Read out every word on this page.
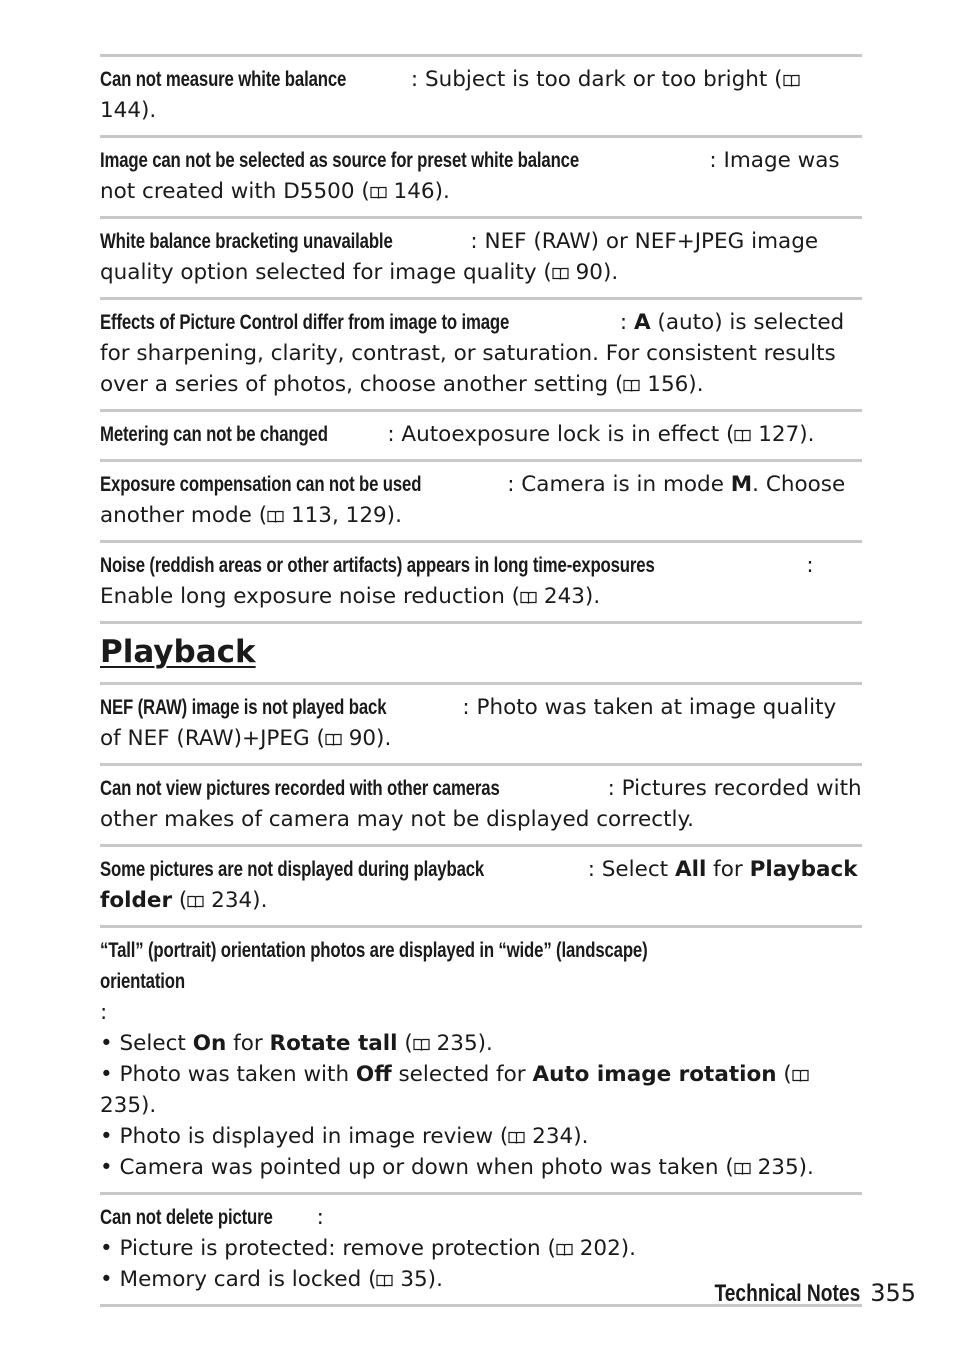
Can not measure white balance	: Subject is too dark or too bright ( 144).
Image can not be selected as source for preset white balance	: Image was not created with D5500 ( 146).
White balance bracketing unavailable	: NEF (RAW) or NEF+JPEG image quality option selected for image quality ( 90).
Effects of Picture Control differ from image to image	: A (auto) is selected for sharpening, clarity, contrast, or saturation. For consistent results over a series of photos, choose another setting ( 156).
Metering can not be changed	: Autoexposure lock is in effect ( 127).
Exposure compensation can not be used	: Camera is in mode M. Choose another mode ( 113, 129).
Noise (reddish areas or other artifacts) appears in long time-exposures	: Enable long exposure noise reduction ( 243).
Playback
NEF (RAW) image is not played back	: Photo was taken at image quality of NEF (RAW)+JPEG ( 90).
Can not view pictures recorded with other cameras	: Pictures recorded with other makes of camera may not be displayed correctly.
Some pictures are not displayed during playback	: Select All for Playback folder ( 234).
“Tall” (portrait) orientation photos are displayed in “wide” (landscape) orientation:
• Select On for Rotate tall ( 235).
• Photo was taken with Off selected for Auto image rotation ( 235).
• Photo is displayed in image review ( 234).
• Camera was pointed up or down when photo was taken ( 235).
Can not delete picture :
• Picture is protected: remove protection ( 202).
• Memory card is locked ( 35).
Technical Notes 355
